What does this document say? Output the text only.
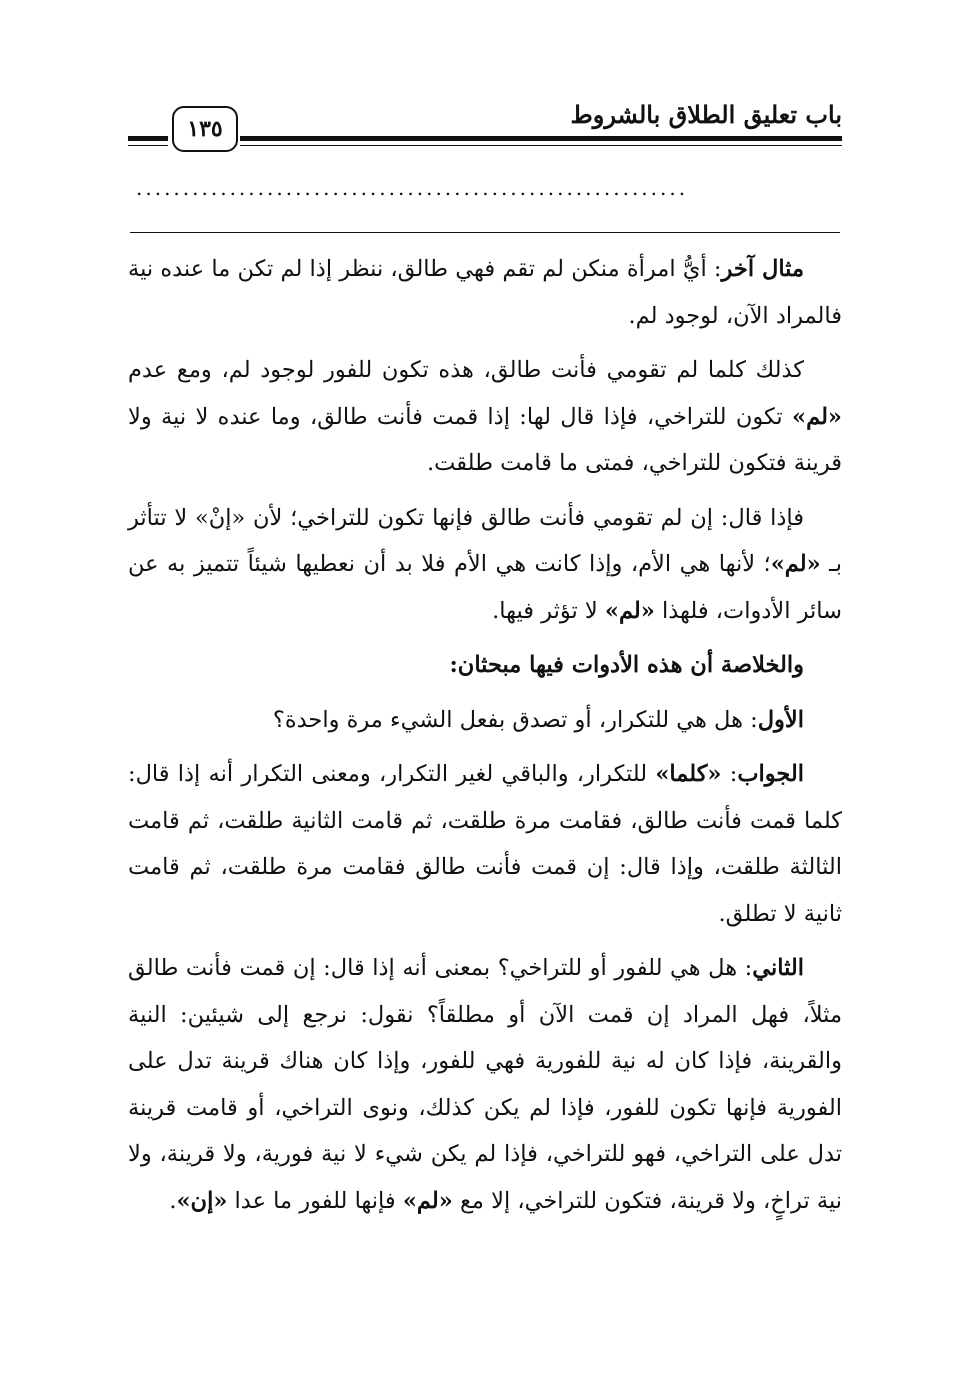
باب تعليق الطلاق بالشروط
١٣٥
...........................................................

مثال آخر: أيُّ امرأة منكن لم تقم فهي طالق، ننظر إذا لم تكن ما عنده نية فالمراد الآن، لوجود لم.

كذلك كلما لم تقومي فأنت طالق، هذه تكون للفور لوجود لم، ومع عدم «لم» تكون للتراخي، فإذا قال لها: إذا قمت فأنت طالق، وما عنده لا نية ولا قرينة فتكون للتراخي، فمتى ما قامت طلقت.

فإذا قال: إن لم تقومي فأنت طالق فإنها تكون للتراخي؛ لأن «إنْ» لا تتأثر بـ «لم»؛ لأنها هي الأم، وإذا كانت هي الأم فلا بد أن نعطيها شيئاً تتميز به عن سائر الأدوات، فلهذا «لم» لا تؤثر فيها.

والخلاصة أن هذه الأدوات فيها مبحثان:

الأول: هل هي للتكرار، أو تصدق بفعل الشيء مرة واحدة؟

الجواب: «كلما» للتكرار، والباقي لغير التكرار، ومعنى التكرار أنه إذا قال: كلما قمت فأنت طالق، فقامت مرة طلقت، ثم قامت الثانية طلقت، ثم قامت الثالثة طلقت، وإذا قال: إن قمت فأنت طالق فقامت مرة طلقت، ثم قامت ثانية لا تطلق.

الثاني: هل هي للفور أو للتراخي؟ بمعنى أنه إذا قال: إن قمت فأنت طالق مثلاً، فهل المراد إن قمت الآن أو مطلقاً؟ نقول: نرجع إلى شيئين: النية والقرينة، فإذا كان له نية للفورية فهي للفور، وإذا كان هناك قرينة تدل على الفورية فإنها تكون للفور، فإذا لم يكن كذلك، ونوى التراخي، أو قامت قرينة تدل على التراخي، فهو للتراخي، فإذا لم يكن شيء لا نية فورية، ولا قرينة، ولا نية تراخٍ، ولا قرينة، فتكون للتراخي، إلا مع «لم» فإنها للفور ما عدا «إن».
